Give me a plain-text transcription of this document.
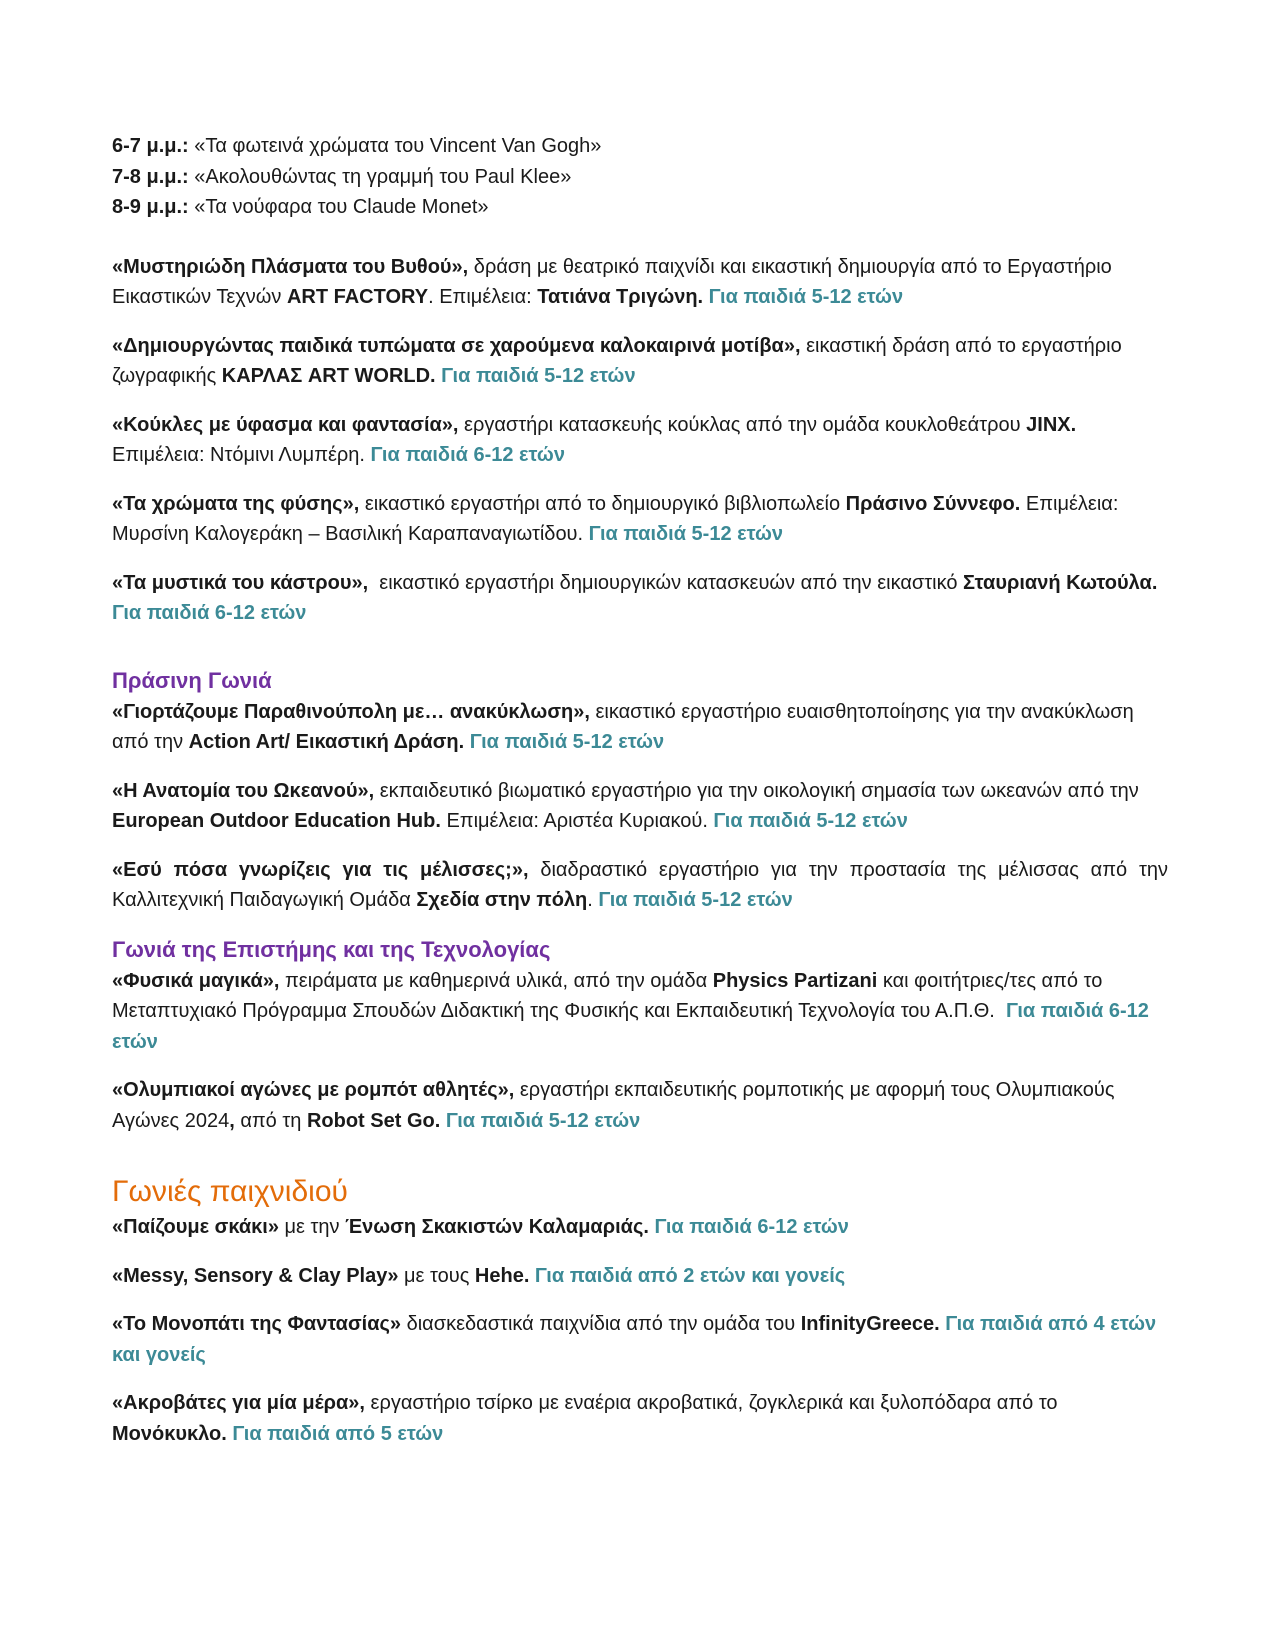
6-7 μ.μ.: «Τα φωτεινά χρώματα του Vincent Van Gogh»

7-8 μ.μ.: «Ακολουθώντας τη γραμμή του Paul Klee»

8-9 μ.μ.: «Τα νούφαρα του Claude Monet»

«Μυστηριώδη Πλάσματα του Βυθού», δράση με θεατρικό παιχνίδι και εικαστική δημιουργία από το Εργαστήριο Εικαστικών Τεχνών ART FACTORY. Επιμέλεια: Τατιάνα Τριγώνη. Για παιδιά 5-12 ετών

«Δημιουργώντας παιδικά τυπώματα σε χαρούμενα καλοκαιρινά μοτίβα», εικαστική δράση από το εργαστήριο ζωγραφικής ΚΑΡΛΑΣ ART WORLD. Για παιδιά 5-12 ετών

«Κούκλες με ύφασμα και φαντασία», εργαστήρι κατασκευής κούκλας από την ομάδα κουκλοθεάτρου JINX. Επιμέλεια: Ντόμινι Λυμπέρη. Για παιδιά 6-12 ετών

«Τα χρώματα της φύσης», εικαστικό εργαστήρι από το δημιουργικό βιβλιοπωλείο Πράσινο Σύννεφο. Επιμέλεια: Μυρσίνη Καλογεράκη – Βασιλική Καραπαναγιωτίδου. Για παιδιά 5-12 ετών

«Τα μυστικά του κάστρου»,  εικαστικό εργαστήρι δημιουργικών κατασκευών από την εικαστικό Σταυριανή Κωτούλα. Για παιδιά 6-12 ετών

Πράσινη Γωνιά

«Γιορτάζουμε Παραθινούπολη με… ανακύκλωση», εικαστικό εργαστήριο ευαισθητοποίησης για την ανακύκλωση από την Action Art/ Εικαστική Δράση. Για παιδιά 5-12 ετών

«Η Ανατομία του Ωκεανού», εκπαιδευτικό βιωματικό εργαστήριο για την οικολογική σημασία των ωκεανών από την European Outdoor Education Hub. Επιμέλεια: Αριστέα Κυριακού. Για παιδιά 5-12 ετών

«Εσύ πόσα γνωρίζεις για τις μέλισσες;», διαδραστικό εργαστήριο για την προστασία της μέλισσας από την Καλλιτεχνική Παιδαγωγική Ομάδα Σχεδία στην πόλη. Για παιδιά 5-12 ετών

Γωνιά της Επιστήμης και της Τεχνολογίας

«Φυσικά μαγικά», πειράματα με καθημερινά υλικά, από την ομάδα Physics Partizani και φοιτήτριες/τες από το Μεταπτυχιακό Πρόγραμμα Σπουδών Διδακτική της Φυσικής και Εκπαιδευτική Τεχνολογία του Α.Π.Θ.  Για παιδιά 6-12 ετών

«Ολυμπιακοί αγώνες με ρομπότ αθλητές», εργαστήρι εκπαιδευτικής ρομποτικής με αφορμή τους Ολυμπιακούς Αγώνες 2024, από τη Robot Set Go. Για παιδιά 5-12 ετών

Γωνιές παιχνιδιού

«Παίζουμε σκάκι» με την Ένωση Σκακιστών Καλαμαριάς. Για παιδιά 6-12 ετών

«Messy, Sensory & Clay Play» με τους Hehe. Για παιδιά από 2 ετών και γονείς

«Το Μονοπάτι της Φαντασίας» διασκεδαστικά παιχνίδια από την ομάδα του InfinityGreece. Για παιδιά από 4 ετών και γονείς

«Ακροβάτες για μία μέρα», εργαστήριο τσίρκο με εναέρια ακροβατικά, ζογκλερικά και ξυλοπόδαρα από το Μονόκυκλο. Για παιδιά από 5 ετών
